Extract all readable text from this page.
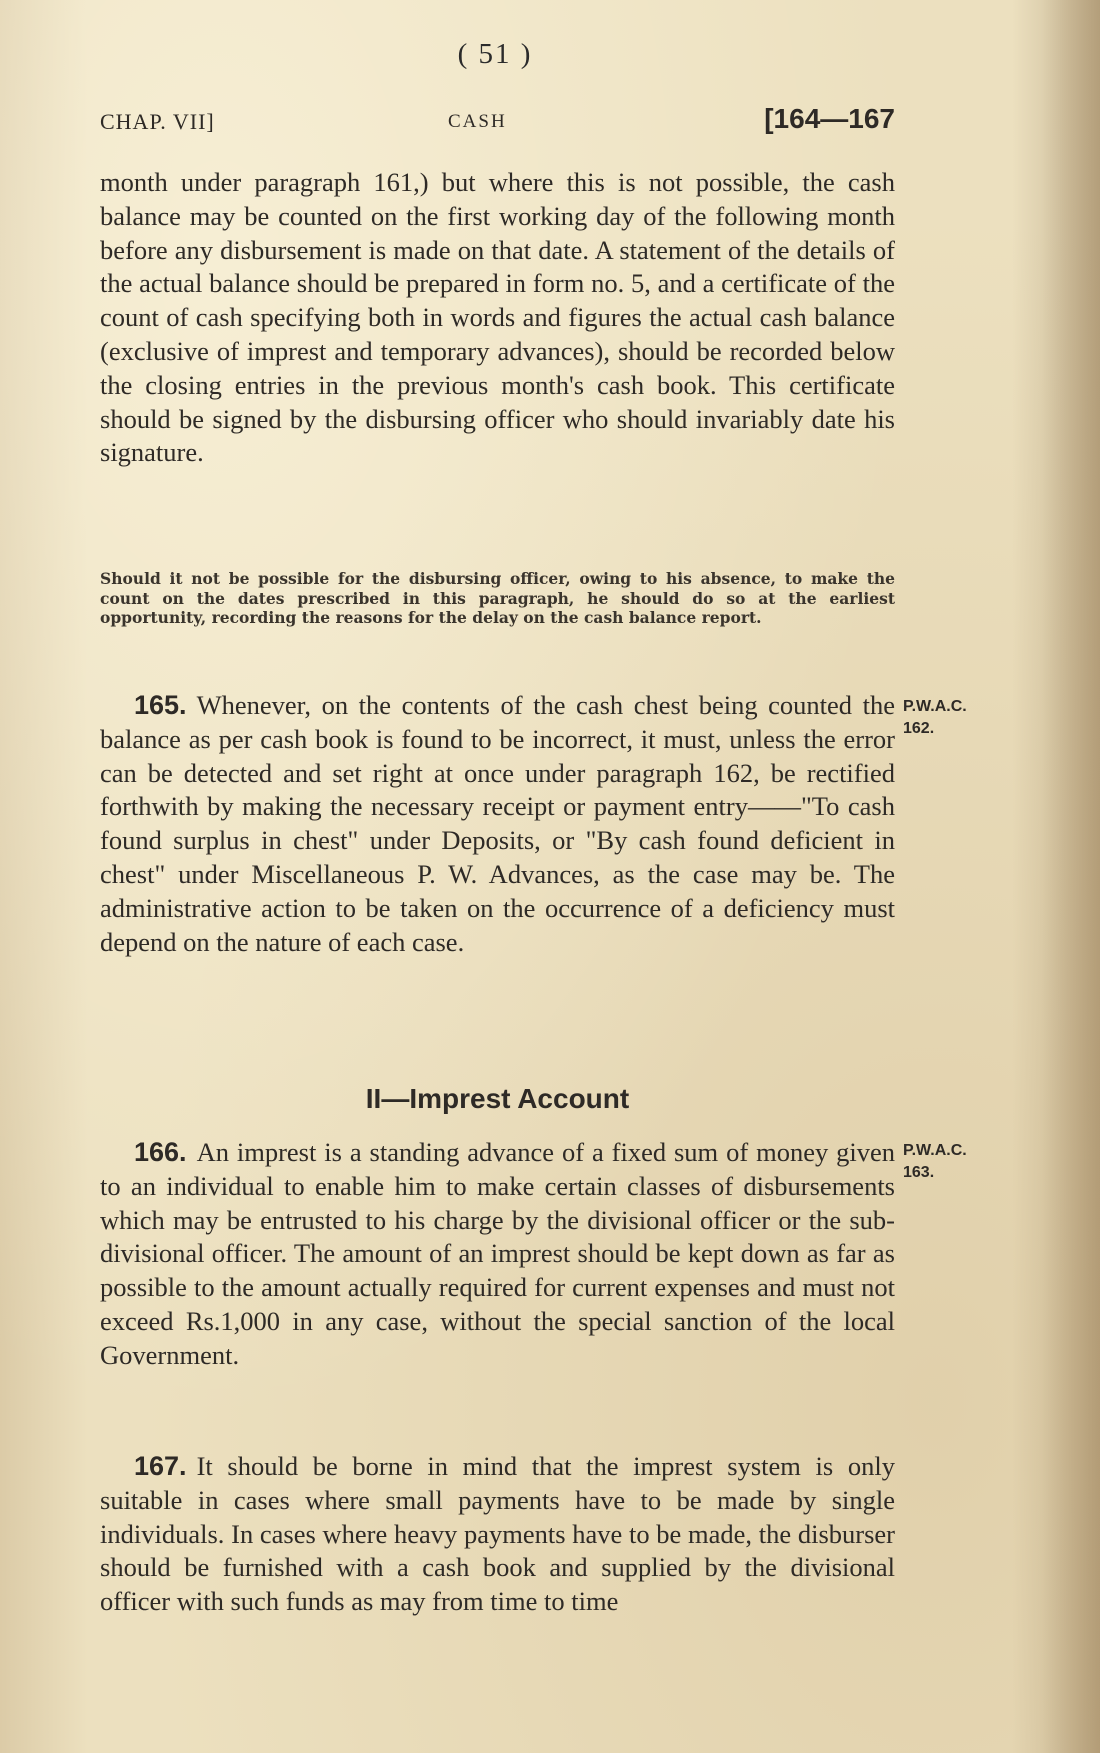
( 51 )
CHAP. VII]	CASH	[164—167
month under paragraph 161,) but where this is not possible, the cash balance may be counted on the first working day of the following month before any disbursement is made on that date. A statement of the details of the actual balance should be prepared in form no. 5, and a certificate of the count of cash specifying both in words and figures the actual cash balance (exclusive of imprest and temporary advances), should be recorded below the closing entries in the previous month's cash book. This certificate should be signed by the disbursing officer who should invariably date his signature.
Should it not be possible for the disbursing officer, owing to his absence, to make the count on the dates prescribed in this paragraph, he should do so at the earliest opportunity, recording the reasons for the delay on the cash balance report.
165. Whenever, on the contents of the cash chest being counted the balance as per cash book is found to be incorrect, it must, unless the error can be detected and set right at once under paragraph 162, be rectified forthwith by making the necessary receipt or payment entry——"To cash found surplus in chest" under Deposits, or "By cash found deficient in chest" under Miscellaneous P. W. Advances, as the case may be. The administrative action to be taken on the occurrence of a deficiency must depend on the nature of each case.
P.W.A.C.
162.
II—Imprest Account
166. An imprest is a standing advance of a fixed sum of money given to an individual to enable him to make certain classes of disbursements which may be entrusted to his charge by the divisional officer or the sub-divisional officer. The amount of an imprest should be kept down as far as possible to the amount actually required for current expenses and must not exceed Rs.1,000 in any case, without the special sanction of the local Government.
P.W.A.C.
163.
167. It should be borne in mind that the imprest system is only suitable in cases where small payments have to be made by single individuals. In cases where heavy payments have to be made, the disburser should be furnished with a cash book and supplied by the divisional officer with such funds as may from time to time
